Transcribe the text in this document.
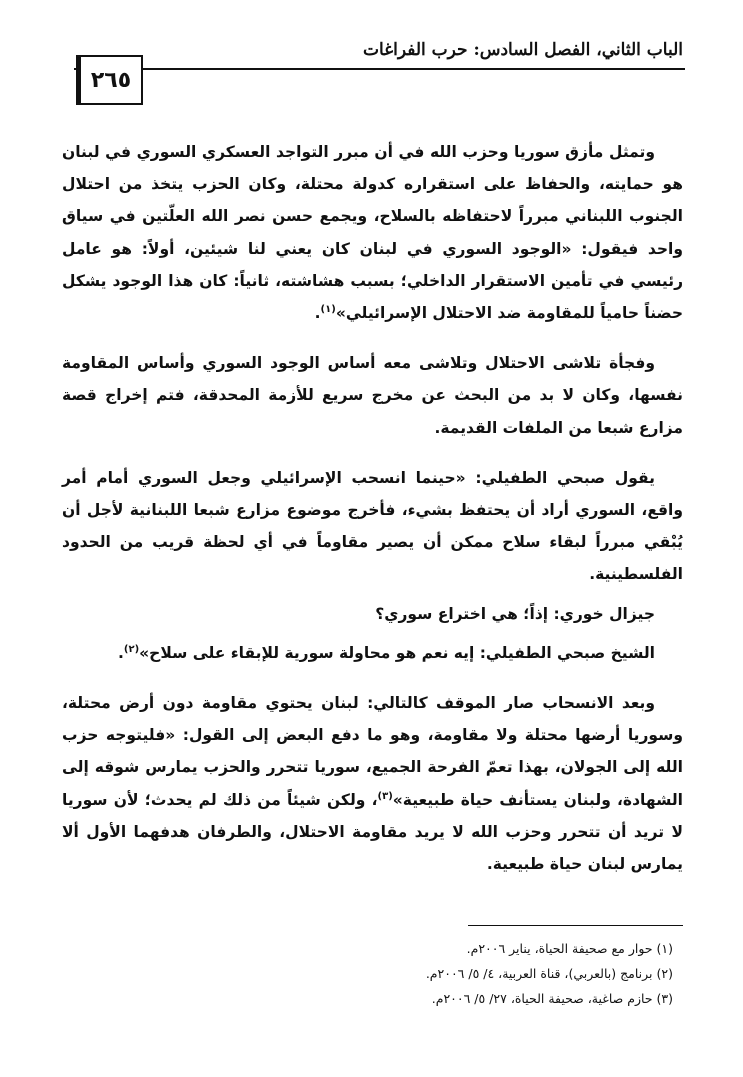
الباب الثاني، الفصل السادس: حرب الفراغات
٢٦٥

وتمثل مأزق سوريا وحزب الله في أن مبرر التواجد العسكري السوري في لبنان هو حمايته، والحفاظ على استقراره كدولة محتلة، وكان الحزب يتخذ من احتلال الجنوب اللبناني مبرراً لاحتفاظه بالسلاح، ويجمع حسن نصر الله العلّتين في سياق واحد فيقول: «الوجود السوري في لبنان كان يعني لنا شيئين، أولاً: هو عامل رئيسي في تأمين الاستقرار الداخلي؛ بسبب هشاشته، ثانياً: كان هذا الوجود يشكل حضناً حامياً للمقاومة ضد الاحتلال الإسرائيلي»$^{(١)}$.

وفجأة تلاشى الاحتلال وتلاشى معه أساس الوجود السوري وأساس المقاومة نفسها، وكان لا بد من البحث عن مخرج سريع للأزمة المحدقة، فتم إخراج قصة مزارع شبعا من الملفات القديمة.

يقول صبحي الطفيلي: «حينما انسحب الإسرائيلي وجعل السوري أمام أمر واقع، السوري أراد أن يحتفظ بشيء، فأخرج موضوع مزارع شبعا اللبنانية لأجل أن يُبْقي مبرراً لبقاء سلاح ممكن أن يصير مقاوماً في أي لحظة قريب من الحدود الفلسطينية.

جيزال خوري: إذاً؛ هي اختراع سوري؟

الشيخ صبحي الطفيلي: إيه نعم هو محاولة سورية للإبقاء على سلاح»$^{(٢)}$.

وبعد الانسحاب صار الموقف كالتالي: لبنان يحتوي مقاومة دون أرض محتلة، وسوريا أرضها محتلة ولا مقاومة، وهو ما دفع البعض إلى القول: «فليتوجه حزب الله إلى الجولان، بهذا تعمّ الفرحة الجميع، سوريا تتحرر والحزب يمارس شوقه إلى الشهادة، ولبنان يستأنف حياة طبيعية»$^{(٣)}$، ولكن شيئاً من ذلك لم يحدث؛ لأن سوريا لا تريد أن تتحرر وحزب الله لا يريد مقاومة الاحتلال، والطرفان هدفهما الأول ألا يمارس لبنان حياة طبيعية.

(١) حوار مع صحيفة الحياة، يناير ٢٠٠٦م.

(٢) برنامج (بالعربي)، قناة العربية، ٤/ ٥/ ٢٠٠٦م.

(٣) حازم صاغية، صحيفة الحياة، ٢٧/ ٥/ ٢٠٠٦م.
